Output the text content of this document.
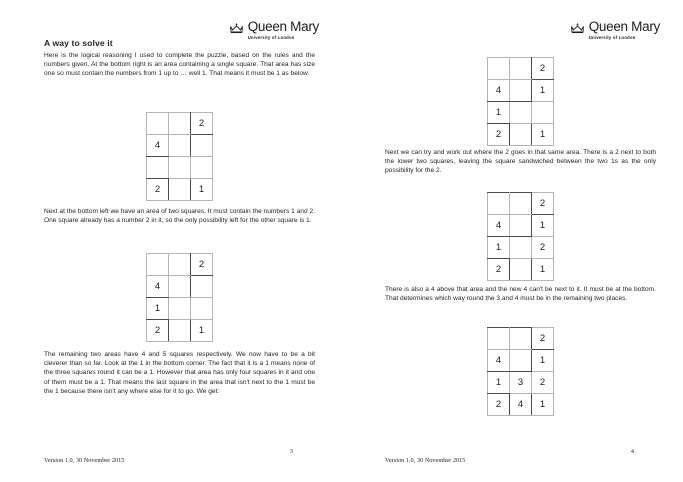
Queen Mary
University of London
A way to solve it

Here is the logical reasoning I used to complete the puzzle, based on the rules and the numbers given. At the bottom right is an area containing a single square. That area has size one so must contain the numbers from 1 up to … well 1. That means it must be 1 as below.

		2
4		

2		1

Next at the bottom left we have an area of two squares. It must contain the numbers 1 and 2. One square already has a number 2 in it, so the only possibility left for the other square is 1.

		2
4		
1		
2		1

The remaining two areas have 4 and 5 squares respectively. We now have to be a bit cleverer than so far. Look at the 1 in the bottom corner. The fact that it is a 1 means none of the three squares round it can be a 1. However that area has only four squares in it and one of them must be a 1. That means the last square in the area that isn't next to the 1 must be the 1 because there isn't any where else for it to go. We get:

Version 1.0, 30 November 2015
3
Queen Mary
University of London
		2
4		1
1		
2		1

Next we can try and work out where the 2 goes in that same area. There is a 2 next to both the lower two squares, leaving the square sandwiched between the two 1s as the only possibility for the 2.

		2
4		1
1		2
2		1

There is also a 4 above that area and the new 4 can't be next to it. It must be at the bottom. That determines which way round the 3 and 4 must be in the remaining two places.

		2
4		1
1	3	2
2	4	1
Version 1.0, 30 November 2015
4
